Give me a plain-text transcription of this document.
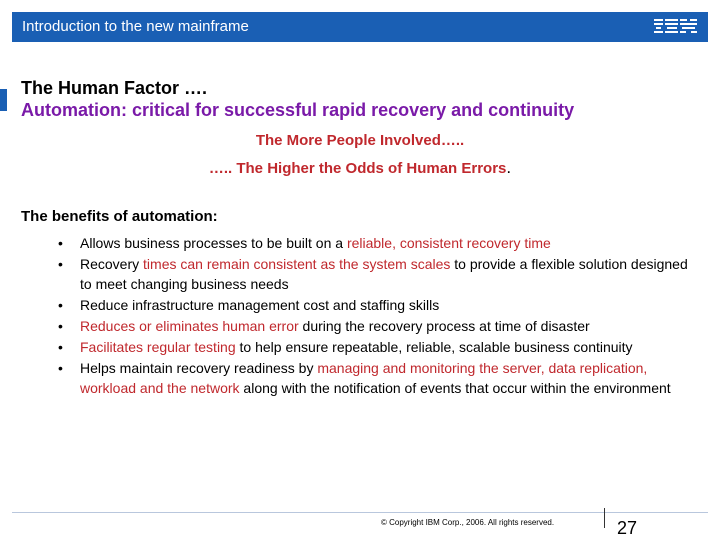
Introduction to the new mainframe
The Human Factor ….
Automation: critical for successful rapid recovery and continuity
The More People Involved…..
….. The Higher the Odds of Human Errors.
The benefits of automation:
• Allows business processes to be built on a reliable, consistent recovery time
• Recovery times can remain consistent as the system scales to provide a flexible solution designed to meet changing business needs
• Reduce infrastructure management cost and staffing skills
• Reduces or eliminates human error during the recovery process at time of disaster
• Facilitates regular testing to help ensure repeatable, reliable, scalable business continuity
• Helps maintain recovery readiness by managing and monitoring the server, data replication, workload and the network along with the notification of events that occur within the environment
© Copyright IBM Corp., 2006. All rights reserved.	27
